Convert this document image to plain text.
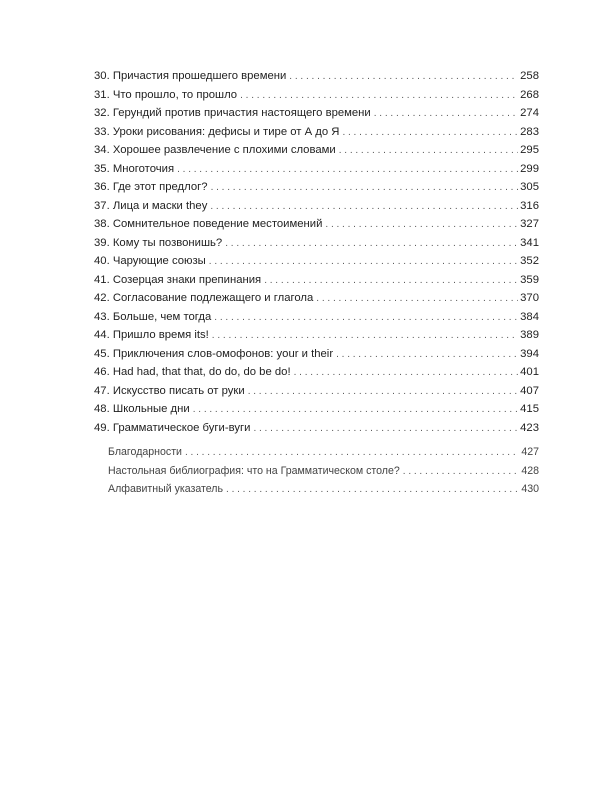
30. Причастия прошедшего времени . . .	258
31. Что прошло, то прошло . . .	268
32. Герундий против причастия настоящего времени . . .	274
33. Уроки рисования: дефисы и тире от А до Я . . .	283
34. Хорошее развлечение с плохими словами . . .	295
35. Многоточия . . .	299
36. Где этот предлог? . . .	305
37. Лица и маски they . . .	316
38. Сомнительное поведение местоимений . . .	327
39. Кому ты позвонишь? . . .	341
40. Чарующие союзы . . .	352
41. Созерцая знаки препинания . . .	359
42. Согласование подлежащего и глагола . . .	370
43. Больше, чем тогда . . .	384
44. Пришло время its! . . .	389
45. Приключения слов-омофонов: your и their . . .	394
46. Had had, that that, do do, do be do! . . .	401
47. Искусство писать от руки . . .	407
48. Школьные дни . . .	415
49. Грамматическое буги-вуги . . .	423
Благодарности . . .	427
Настольная библиография: что на Грамматическом столе? . . .	428
Алфавитный указатель . . .	430
